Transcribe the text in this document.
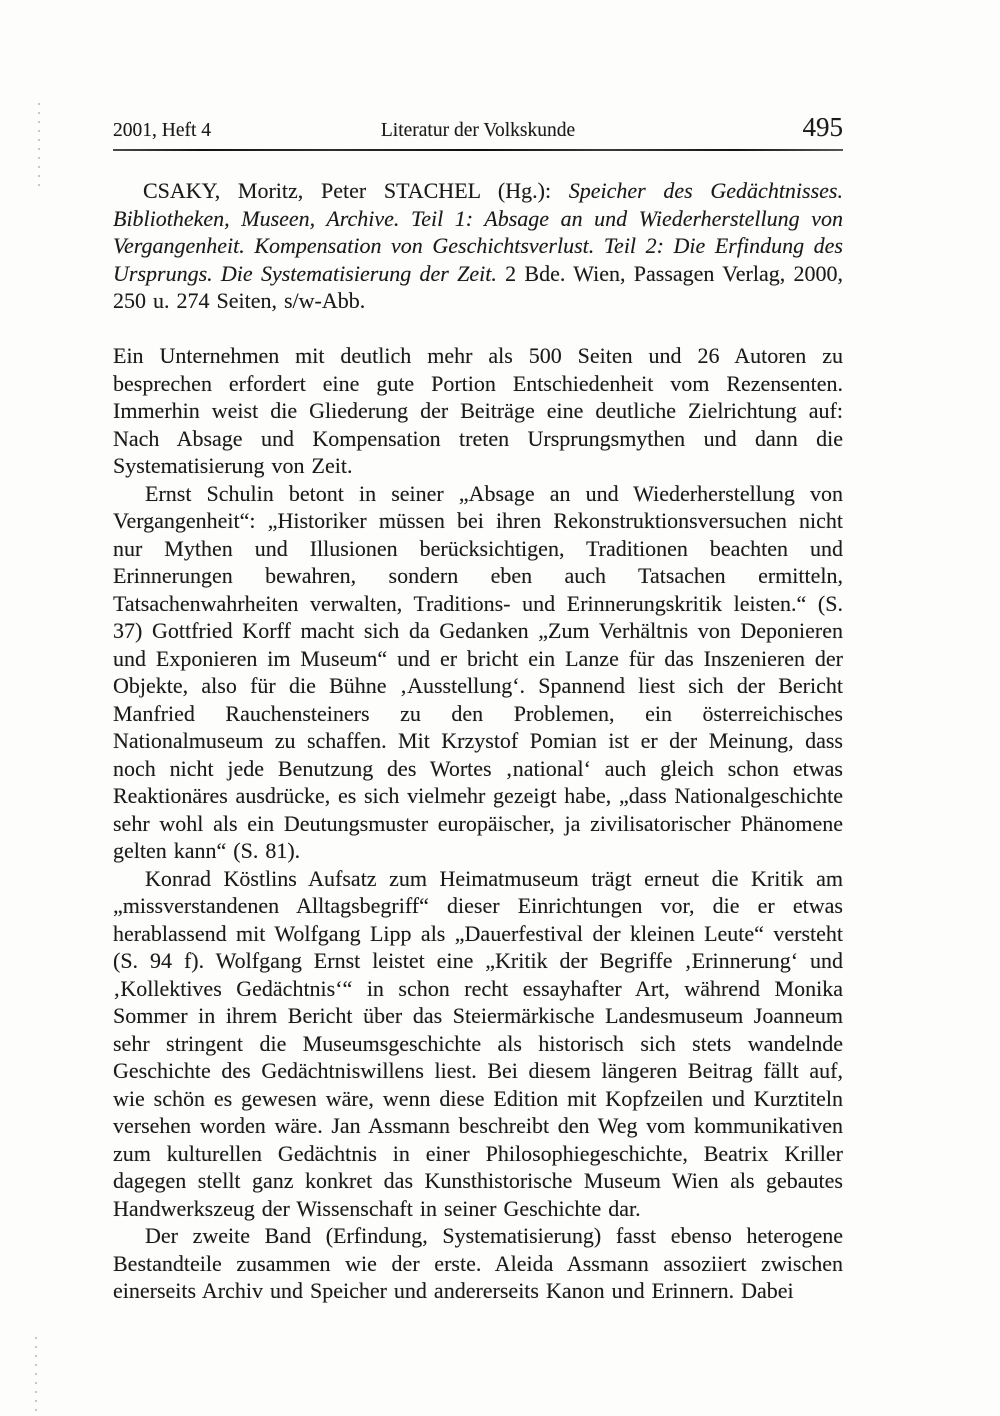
2001, Heft 4	Literatur der Volkskunde	495

CSAKY, Moritz, Peter STACHEL (Hg.): Speicher des Gedächtnisses. Bibliotheken, Museen, Archive. Teil 1: Absage an und Wiederherstellung von Vergangenheit. Kompensation von Geschichtsverlust. Teil 2: Die Erfindung des Ursprungs. Die Systematisierung der Zeit. 2 Bde. Wien, Passagen Verlag, 2000, 250 u. 274 Seiten, s/w-Abb.

Ein Unternehmen mit deutlich mehr als 500 Seiten und 26 Autoren zu besprechen erfordert eine gute Portion Entschiedenheit vom Rezensenten. Immerhin weist die Gliederung der Beiträge eine deutliche Zielrichtung auf: Nach Absage und Kompensation treten Ursprungsmythen und dann die Systematisierung von Zeit.

Ernst Schulin betont in seiner „Absage an und Wiederherstellung von Vergangenheit“: „Historiker müssen bei ihren Rekonstruktionsversuchen nicht nur Mythen und Illusionen berücksichtigen, Traditionen beachten und Erinnerungen bewahren, sondern eben auch Tatsachen ermitteln, Tatsachenwahrheiten verwalten, Traditions- und Erinnerungskritik leisten.“ (S. 37) Gottfried Korff macht sich da Gedanken „Zum Verhältnis von Deponieren und Exponieren im Museum“ und er bricht ein Lanze für das Inszenieren der Objekte, also für die Bühne ‚Ausstellung‘. Spannend liest sich der Bericht Manfried Rauchensteiners zu den Problemen, ein österreichisches Nationalmuseum zu schaffen. Mit Krzystof Pomian ist er der Meinung, dass noch nicht jede Benutzung des Wortes ‚national‘ auch gleich schon etwas Reaktionäres ausdrücke, es sich vielmehr gezeigt habe, „dass Nationalgeschichte sehr wohl als ein Deutungsmuster europäischer, ja zivilisatorischer Phänomene gelten kann“ (S. 81).

Konrad Köstlins Aufsatz zum Heimatmuseum trägt erneut die Kritik am „missverstandenen Alltagsbegriff“ dieser Einrichtungen vor, die er etwas herablassend mit Wolfgang Lipp als „Dauerfestival der kleinen Leute“ versteht (S. 94 f). Wolfgang Ernst leistet eine „Kritik der Begriffe ‚Erinnerung‘ und ‚Kollektives Gedächtnis‘“ in schon recht essayhafter Art, während Monika Sommer in ihrem Bericht über das Steiermärkische Landesmuseum Joanneum sehr stringent die Museumsgeschichte als historisch sich stets wandelnde Geschichte des Gedächtniswillens liest. Bei diesem längeren Beitrag fällt auf, wie schön es gewesen wäre, wenn diese Edition mit Kopfzeilen und Kurztiteln versehen worden wäre. Jan Assmann beschreibt den Weg vom kommunikativen zum kulturellen Gedächtnis in einer Philosophiegeschichte, Beatrix Kriller dagegen stellt ganz konkret das Kunsthistorische Museum Wien als gebautes Handwerkszeug der Wissenschaft in seiner Geschichte dar.

Der zweite Band (Erfindung, Systematisierung) fasst ebenso heterogene Bestandteile zusammen wie der erste. Aleida Assmann assoziiert zwischen einerseits Archiv und Speicher und andererseits Kanon und Erinnern. Dabei
